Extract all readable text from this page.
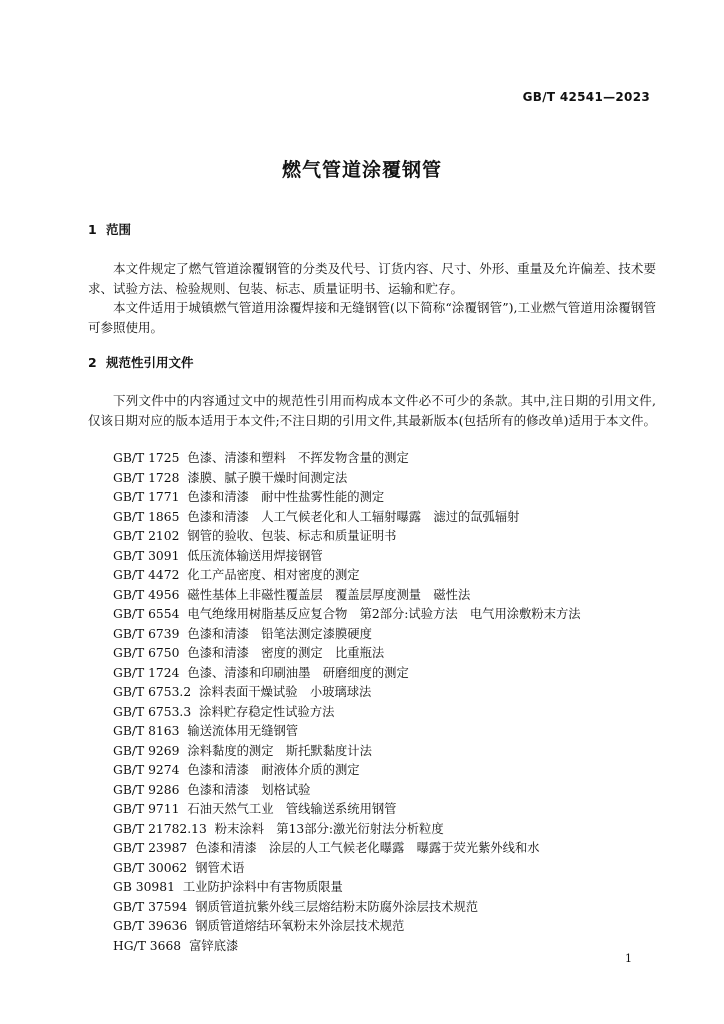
GB/T 42541—2023
燃气管道涂覆钢管
1 范围

本文件规定了燃气管道涂覆钢管的分类及代号、订货内容、尺寸、外形、重量及允许偏差、技术要求、试验方法、检验规则、包装、标志、质量证明书、运输和贮存。

本文件适用于城镇燃气管道用涂覆焊接和无缝钢管(以下简称“涂覆钢管”),工业燃气管道用涂覆钢管可参照使用。

2 规范性引用文件

下列文件中的内容通过文中的规范性引用而构成本文件必不可少的条款。其中,注日期的引用文件,仅该日期对应的版本适用于本文件;不注日期的引用文件,其最新版本(包括所有的修改单)适用于本文件。

GB/T 1725 色漆、清漆和塑料　不挥发物含量的测定
GB/T 1728 漆膜、腻子膜干燥时间测定法
GB/T 1771 色漆和清漆　耐中性盐雾性能的测定
GB/T 1865 色漆和清漆　人工气候老化和人工辐射曝露　滤过的氙弧辐射
GB/T 2102 钢管的验收、包装、标志和质量证明书
GB/T 3091 低压流体输送用焊接钢管
GB/T 4472 化工产品密度、相对密度的测定
GB/T 4956 磁性基体上非磁性覆盖层　覆盖层厚度测量　磁性法
GB/T 6554 电气绝缘用树脂基反应复合物　第2部分:试验方法　电气用涂敷粉末方法
GB/T 6739 色漆和清漆　铅笔法测定漆膜硬度
GB/T 6750 色漆和清漆　密度的测定　比重瓶法
GB/T 1724 色漆、清漆和印刷油墨　研磨细度的测定
GB/T 6753.2 涂料表面干燥试验　小玻璃球法
GB/T 6753.3 涂料贮存稳定性试验方法
GB/T 8163 输送流体用无缝钢管
GB/T 9269 涂料黏度的测定　斯托默黏度计法
GB/T 9274 色漆和清漆　耐液体介质的测定
GB/T 9286 色漆和清漆　划格试验
GB/T 9711 石油天然气工业　管线输送系统用钢管
GB/T 21782.13 粉末涂料　第13部分:激光衍射法分析粒度
GB/T 23987 色漆和清漆　涂层的人工气候老化曝露　曝露于荧光紫外线和水
GB/T 30062 钢管术语
GB 30981 工业防护涂料中有害物质限量
GB/T 37594 钢质管道抗紫外线三层熔结粉末防腐外涂层技术规范
GB/T 39636 钢质管道熔结环氧粉末外涂层技术规范
HG/T 3668 富锌底漆
1
